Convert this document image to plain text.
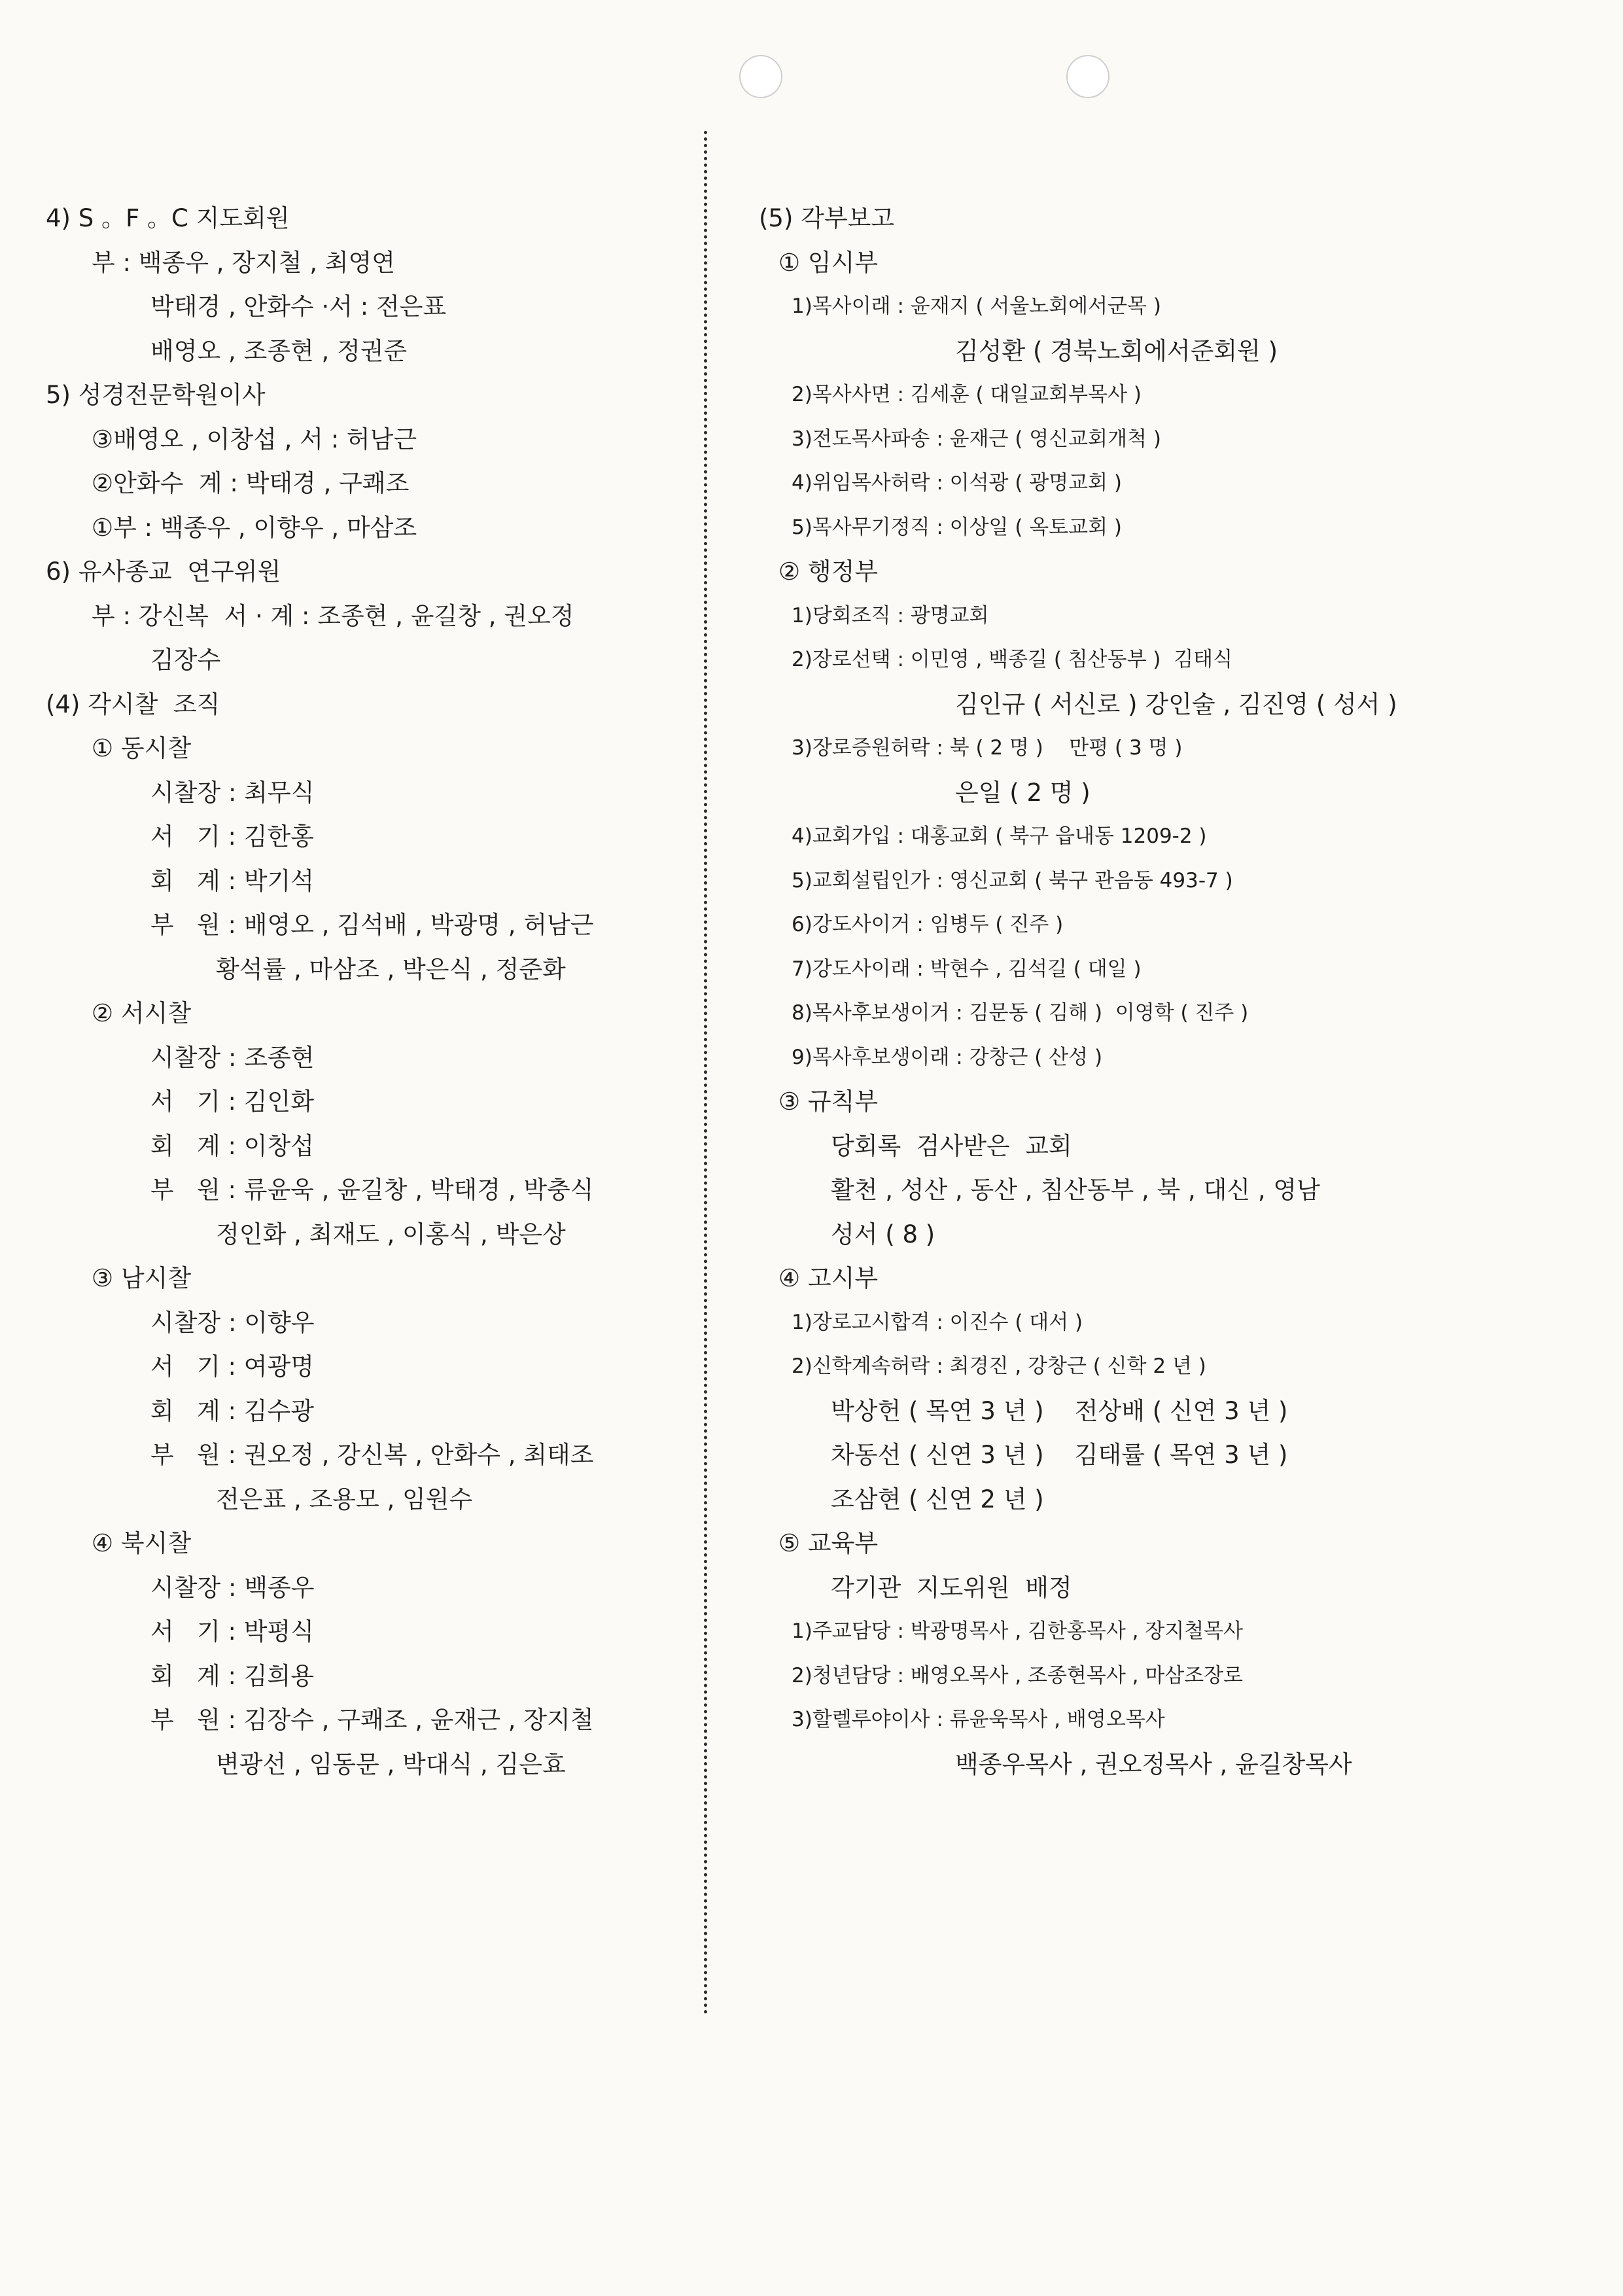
4) S 。F 。C 지도회원
부 : 백종우 , 장지철 , 최영연
박태경 , 안화수 ·서 : 전은표
배영오 , 조종현 , 정권준
5) 성경전문학원이사
③배영오 , 이창섭 , 서 : 허남근
②안화수  계 : 박태경 , 구쾌조
①부 : 백종우 , 이향우 , 마삼조
6) 유사종교  연구위원
부 : 강신복  서 · 계 : 조종현 , 윤길창 , 권오정
김장수
(4) 각시찰  조직
① 동시찰
시찰장 : 최무식
서   기 : 김한홍
회   계 : 박기석
부   원 : 배영오 , 김석배 , 박광명 , 허남근
황석률 , 마삼조 , 박은식 , 정준화
② 서시찰
시찰장 : 조종현
서   기 : 김인화
회   계 : 이창섭
부   원 : 류윤욱 , 윤길창 , 박태경 , 박충식
정인화 , 최재도 , 이홍식 , 박은상
③ 남시찰
시찰장 : 이향우
서   기 : 여광명
회   계 : 김수광
부   원 : 권오정 , 강신복 , 안화수 , 최태조
전은표 , 조용모 , 임원수
④ 북시찰
시찰장 : 백종우
서   기 : 박평식
회   계 : 김희용
부   원 : 김장수 , 구쾌조 , 윤재근 , 장지철
변광선 , 임동문 , 박대식 , 김은효
(5) 각부보고
① 임시부
1)목사이래 : 윤재지 ( 서울노회에서군목 )
김성환 ( 경북노회에서준회원 )
2)목사사면 : 김세훈 ( 대일교회부목사 )
3)전도목사파송 : 윤재근 ( 영신교회개척 )
4)위임목사허락 : 이석광 ( 광명교회 )
5)목사무기정직 : 이상일 ( 옥토교회 )
② 행정부
1)당회조직 : 광명교회
2)장로선택 : 이민영 , 백종길 ( 침산동부 )  김태식
김인규 ( 서신로 ) 강인술 , 김진영 ( 성서 )
3)장로증원허락 : 북 ( 2 명 )    만평 ( 3 명 )
은일 ( 2 명 )
4)교회가입 : 대홍교회 ( 북구 읍내동 1209-2 )
5)교회설립인가 : 영신교회 ( 북구 관음동 493-7 )
6)강도사이거 : 임병두 ( 진주 )
7)강도사이래 : 박현수 , 김석길 ( 대일 )
8)목사후보생이거 : 김문동 ( 김해 )  이영학 ( 진주 )
9)목사후보생이래 : 강창근 ( 산성 )
③ 규칙부
당회록  검사받은  교회
활천 , 성산 , 동산 , 침산동부 , 북 , 대신 , 영남
성서 ( 8 )
④ 고시부
1)장로고시합격 : 이진수 ( 대서 )
2)신학계속허락 : 최경진 , 강창근 ( 신학 2 년 )
박상헌 ( 목연 3 년 )    전상배 ( 신연 3 년 )
차동선 ( 신연 3 년 )    김태률 ( 목연 3 년 )
조삼현 ( 신연 2 년 )
⑤ 교육부
각기관  지도위원  배정
1)주교담당 : 박광명목사 , 김한홍목사 , 장지철목사
2)청년담당 : 배영오목사 , 조종현목사 , 마삼조장로
3)할렐루야이사 : 류윤욱목사 , 배영오목사
백종우목사 , 권오정목사 , 윤길창목사
